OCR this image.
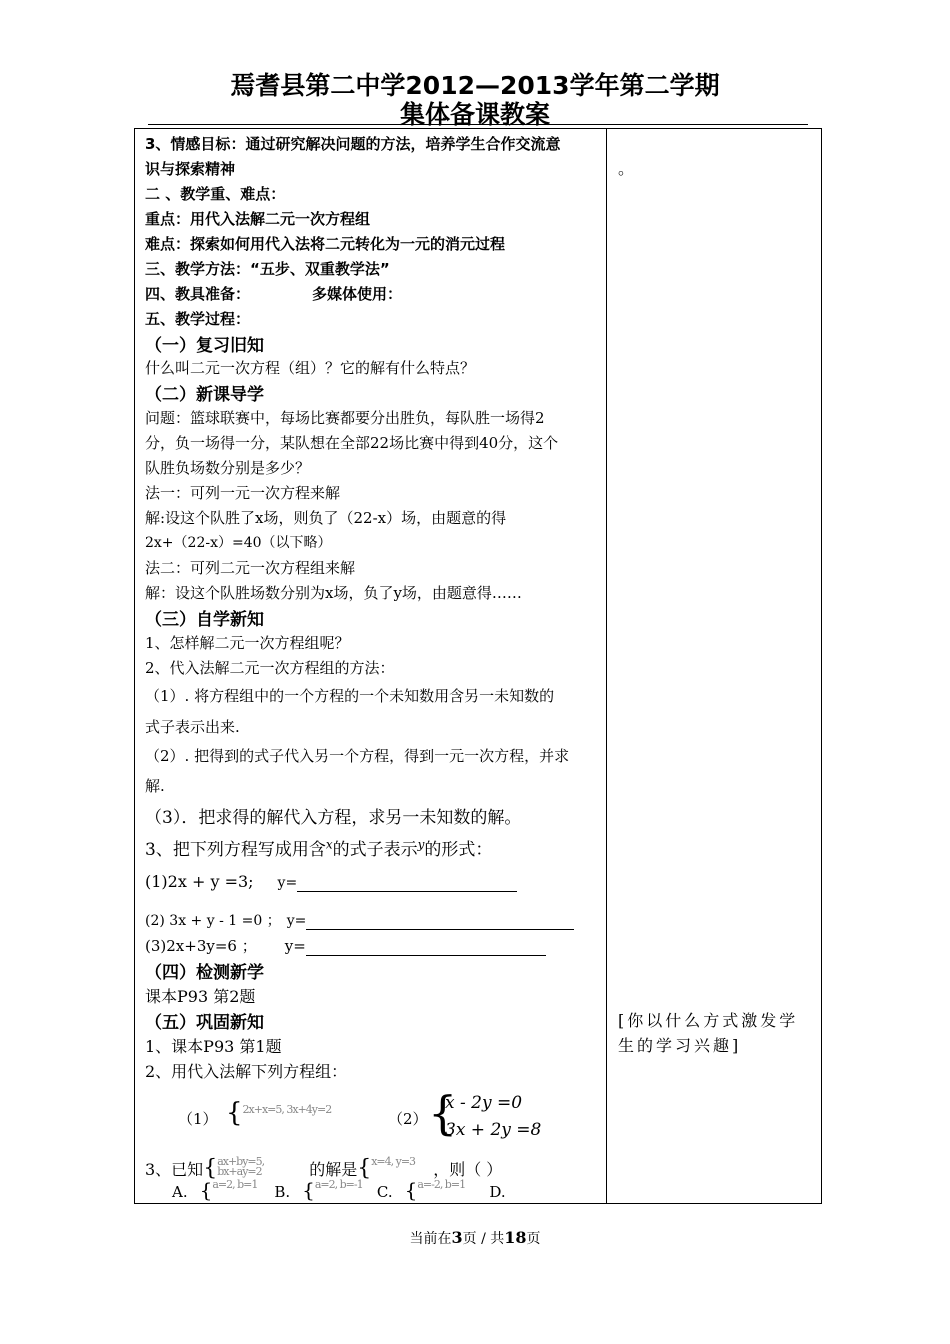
焉耆县第二中学2012—2013学年第二学期
集体备课教案
3、情感目标：通过研究解决问题的方法，培养学生合作交流意
识与探索精神
二 、教学重、难点：
重点：用代入法解二元一次方程组
难点：探索如何用代入法将二元转化为一元的消元过程
三、教学方法：“五步、双重教学法”
四、教具准备：	多媒体使用：
五、教学过程：
（一）复习旧知
什么叫二元一次方程（组）？它的解有什么特点？
（二）新课导学
问题：篮球联赛中，每场比赛都要分出胜负，每队胜一场得2
分，负一场得一分，某队想在全部22场比赛中得到40分，这个
队胜负场数分别是多少？
法一：可列一元一次方程来解
解:设这个队胜了x场，则负了（22-x）场，由题意的得
2x+（22-x）=40（以下略）
法二：可列二元一次方程组来解
解：设这个队胜场数分别为x场，负了y场，由题意得……
（三）自学新知
1、怎样解二元一次方程组呢？
2、代入法解二元一次方程组的方法：
（1）. 将方程组中的一个方程的一个未知数用含另一未知数的
式子表示出来.
（2）. 把得到的式子代入另一个方程，得到一元一次方程，并求
解.
（3）．把求得的解代入方程，求另一未知数的解。
3、把下列方程写成用含$^x$的式子表示$^y$的形式：
(1)2x + y =3; y=
(2) 3x + y - 1 =0 ； y=
(3)2x+3y=6 ； y=
（四）检测新学
课本P93 第2题
（五）巩固新知
1、课本P93 第1题
2、用代入法解下列方程组：
（1） {2x+x=5, 3x+4y=2
（2） {
x - 2y =0
3x + 2y =8
3、已知{ax+by=5, bx+ay=2	的解是{x=4, y=3 ，则（ ）
A. {a=2, b=1 B. {a=2, b=-1 C. {a=-2, b=1 D.
。
[你以什么方式激发学
生的学习兴趣]
当前在3页 / 共18页
